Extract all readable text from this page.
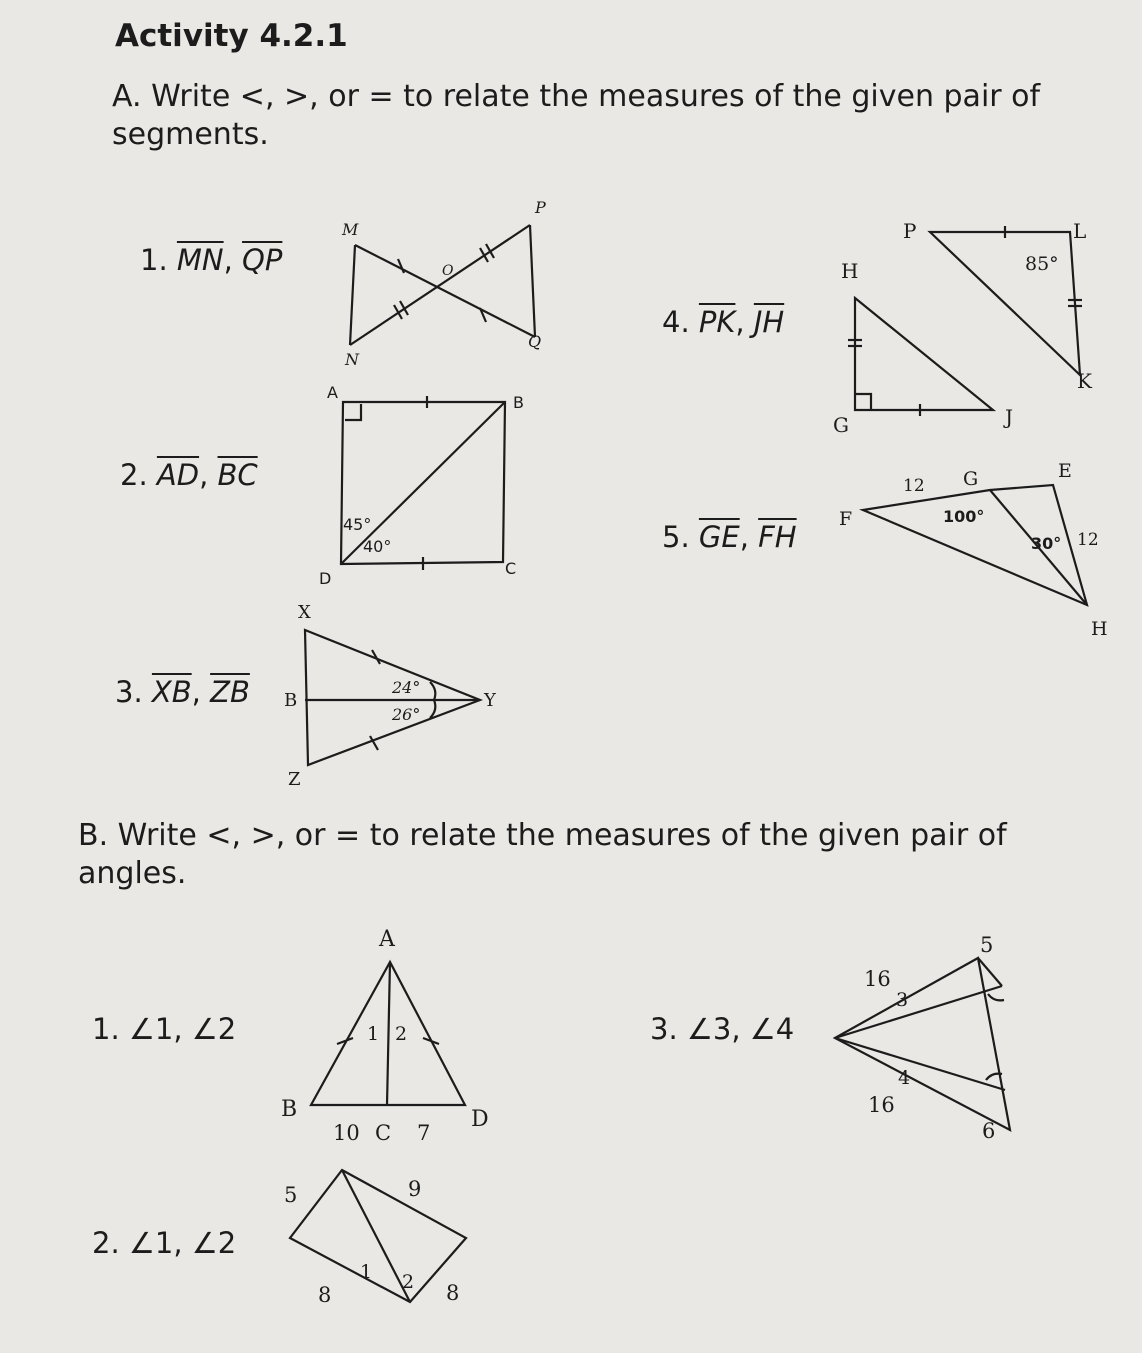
Activity 4.2.1
A. Write <, >, or = to relate the measures of the given pair of segments.
1. $\overline{MN}$, $\overline{QP}$
M
P
N
Q
O
2. $\overline{AD}$, $\overline{BC}$
A
B
D
C
45°
40°
3. $\overline{XB}$, $\overline{ZB}$
X
B	Y
Z
24°
26°
4. $\overline{PK}$, $\overline{JH}$
P	L
H	85°
K
G	J
5. $\overline{GE}$, $\overline{FH}$
12 G	E
F	100°
30° 12
H
B. Write <, >, or = to relate the measures of the given pair of angles.
1. ∠1, ∠2
A
1 2
B
10 C 7
D
2. ∠1, ∠2
5	9
1
8
2 8
3. ∠3, ∠4
5
16
3
4
16
6
